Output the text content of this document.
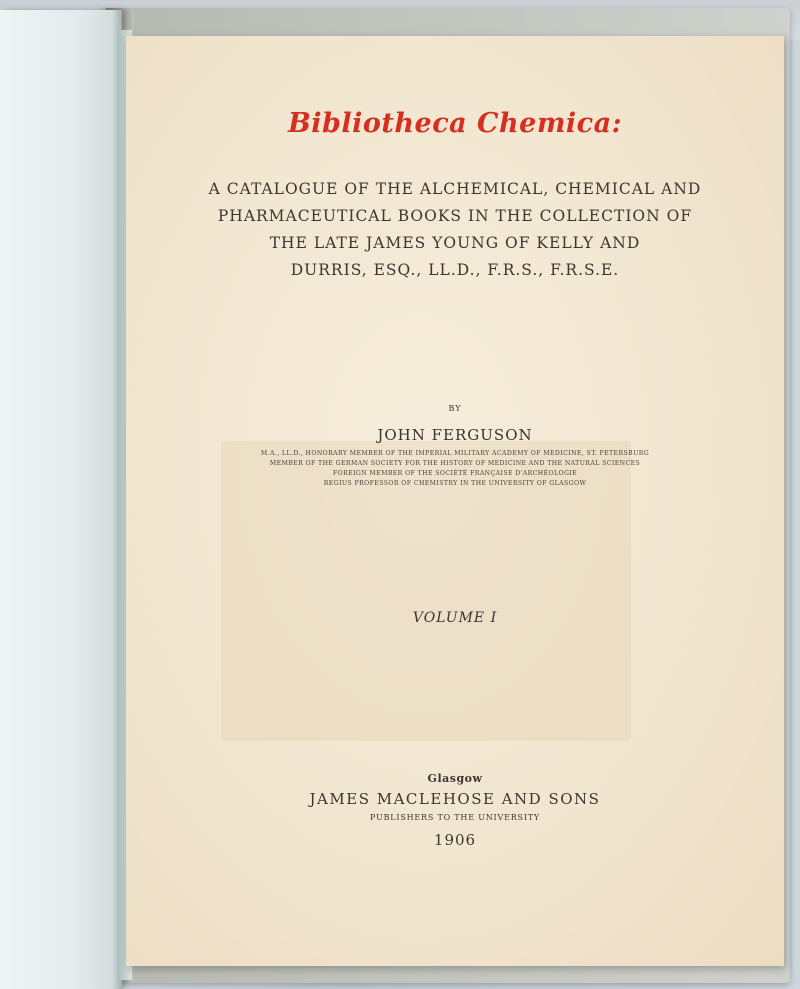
Bibliotheca Chemica:
A CATALOGUE OF THE ALCHEMICAL, CHEMICAL AND
PHARMACEUTICAL BOOKS IN THE COLLECTION OF
THE LATE JAMES YOUNG OF KELLY AND
DURRIS, ESQ., LL.D., F.R.S., F.R.S.E.
BY
JOHN FERGUSON
M.A., LL.D., HONORARY MEMBER OF THE IMPERIAL MILITARY ACADEMY OF MEDICINE, ST. PETERSBURG
MEMBER OF THE GERMAN SOCIETY FOR THE HISTORY OF MEDICINE AND THE NATURAL SCIENCES
FOREIGN MEMBER OF THE SOCIÉTÉ FRANÇAISE D'ARCHÉOLOGIE
REGIUS PROFESSOR OF CHEMISTRY IN THE UNIVERSITY OF GLASGOW
VOLUME I
Glasgow
JAMES MACLEHOSE AND SONS
PUBLISHERS TO THE UNIVERSITY
1906
